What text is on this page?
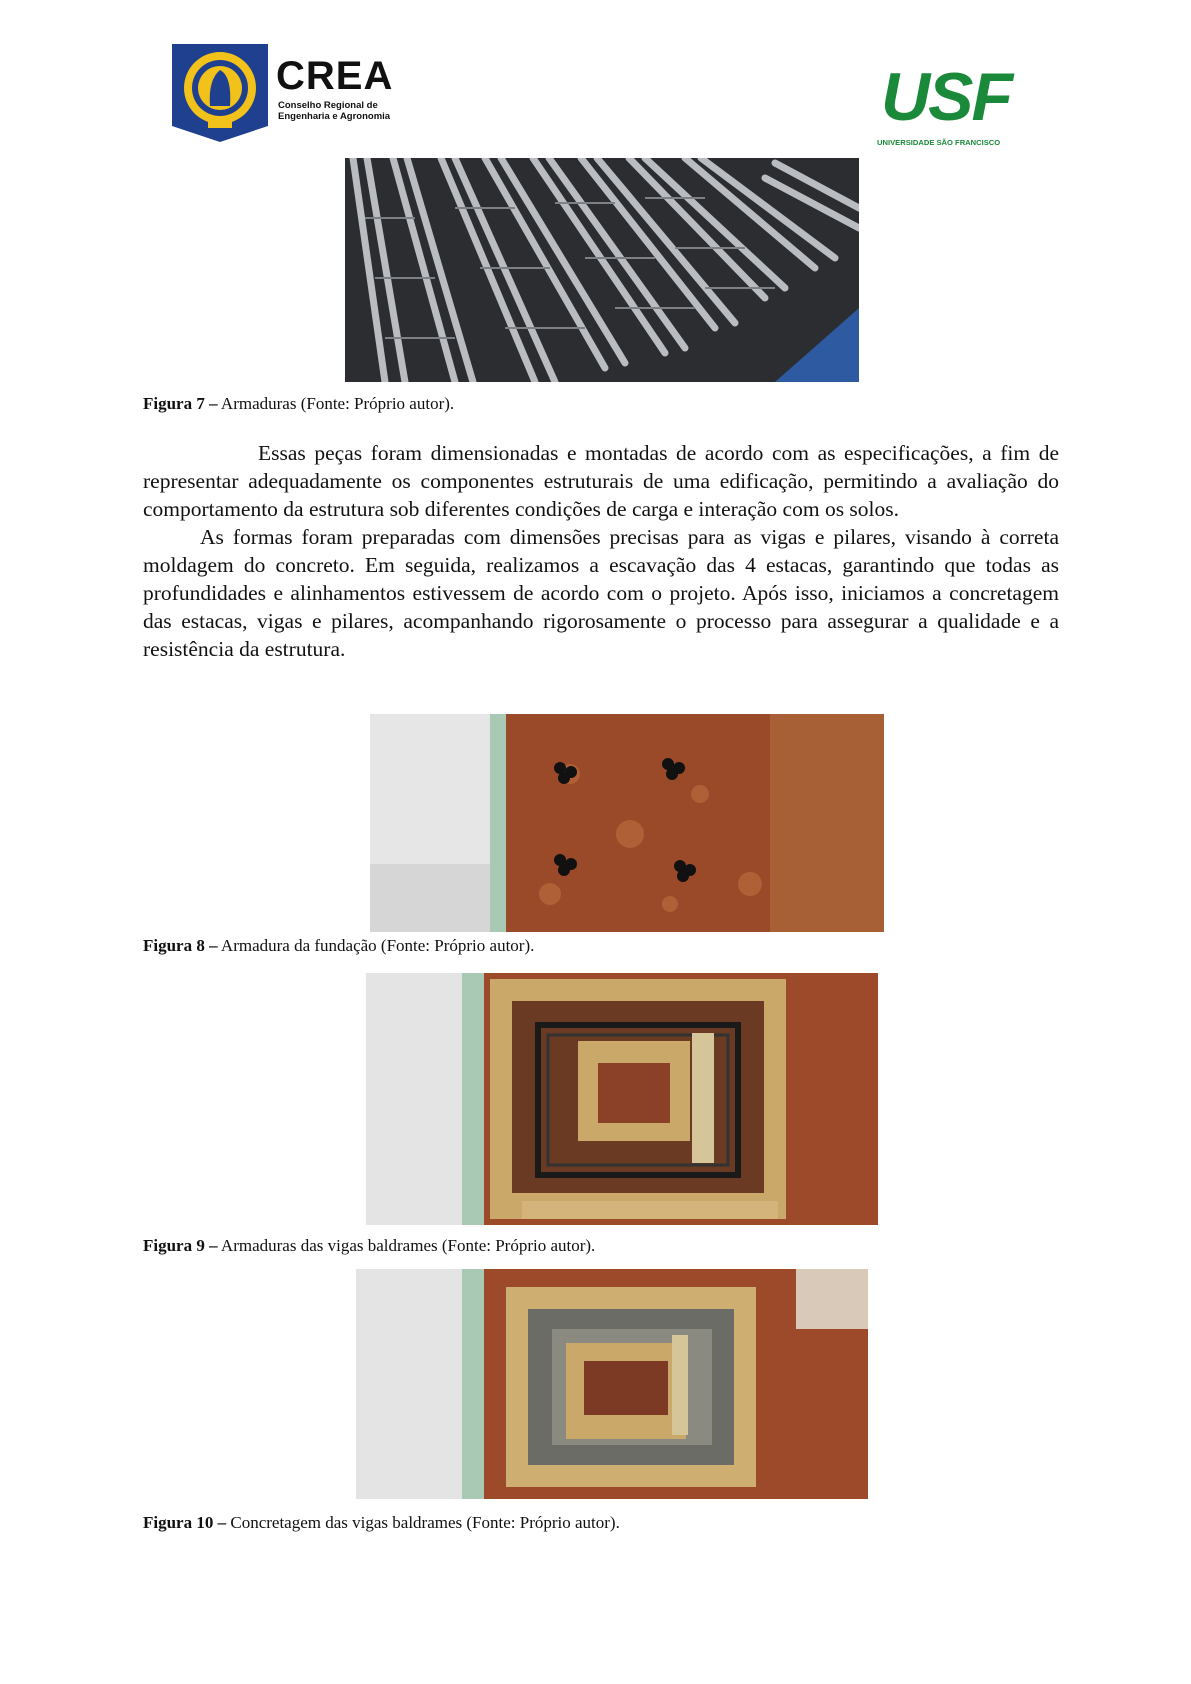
CREA
Conselho Regional de
Engenharia e Agronomia	USF
UNIVERSIDADE SÃO FRANCISCO
Figura 7 – Armaduras (Fonte: Próprio autor).

Essas peças foram dimensionadas e montadas de acordo com as especificações, a fim de representar adequadamente os componentes estruturais de uma edificação, permitindo a avaliação do comportamento da estrutura sob diferentes condições de carga e interação com os solos.

As formas foram preparadas com dimensões precisas para as vigas e pilares, visando à correta moldagem do concreto. Em seguida, realizamos a escavação das 4 estacas, garantindo que todas as profundidades e alinhamentos estivessem de acordo com o projeto. Após isso, iniciamos a concretagem das estacas, vigas e pilares, acompanhando rigorosamente o processo para assegurar a qualidade e a resistência da estrutura.

Figura 8 – Armadura da fundação (Fonte: Próprio autor).
Figura 9 – Armaduras das vigas baldrames (Fonte: Próprio autor).
Figura 10 – Concretagem das vigas baldrames (Fonte: Próprio autor).
